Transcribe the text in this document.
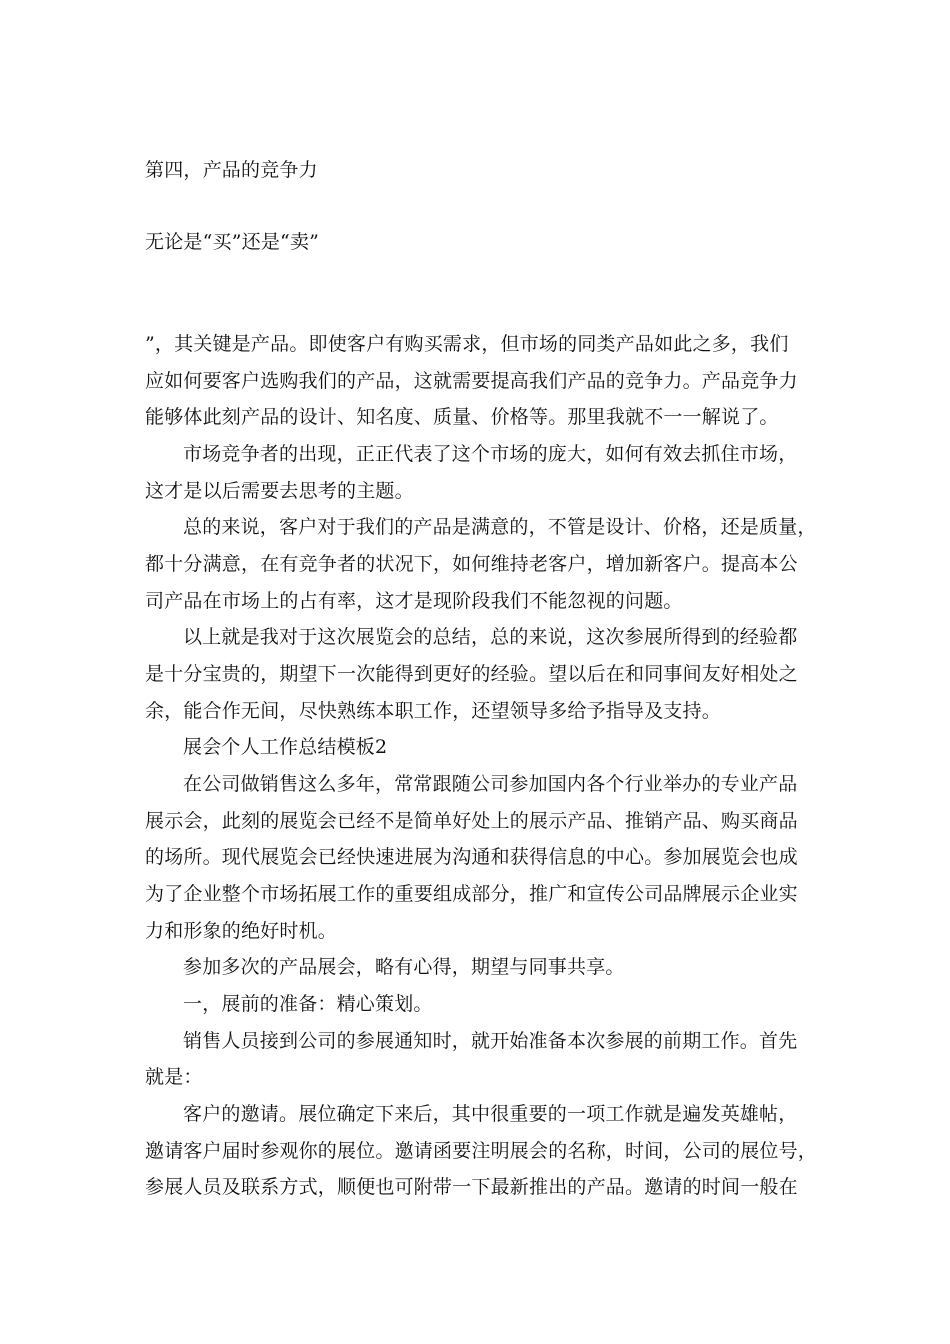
第四，产品的竞争力
无论是“买”还是“卖”
”，其关键是产品。即使客户有购买需求，但市场的同类产品如此之多，我们
应如何要客户选购我们的产品，这就需要提高我们产品的竞争力。产品竞争力
能够体此刻产品的设计、知名度、质量、价格等。那里我就不一一解说了。
市场竞争者的出现，正正代表了这个市场的庞大，如何有效去抓住市场，
这才是以后需要去思考的主题。
总的来说，客户对于我们的产品是满意的，不管是设计、价格，还是质量，
都十分满意，在有竞争者的状况下，如何维持老客户，增加新客户。提高本公
司产品在市场上的占有率，这才是现阶段我们不能忽视的问题。
以上就是我对于这次展览会的总结，总的来说，这次参展所得到的经验都
是十分宝贵的，期望下一次能得到更好的经验。望以后在和同事间友好相处之
余，能合作无间，尽快熟练本职工作，还望领导多给予指导及支持。
展会个人工作总结模板2
在公司做销售这么多年，常常跟随公司参加国内各个行业举办的专业产品
展示会，此刻的展览会已经不是简单好处上的展示产品、推销产品、购买商品
的场所。现代展览会已经快速进展为沟通和获得信息的中心。参加展览会也成
为了企业整个市场拓展工作的重要组成部分，推广和宣传公司品牌展示企业实
力和形象的绝好时机。
参加多次的产品展会，略有心得，期望与同事共享。
一，展前的准备：精心策划。
销售人员接到公司的参展通知时，就开始准备本次参展的前期工作。首先
就是：
客户的邀请。展位确定下来后，其中很重要的一项工作就是遍发英雄帖，
邀请客户届时参观你的展位。邀请函要注明展会的名称，时间，公司的展位号，
参展人员及联系方式，顺便也可附带一下最新推出的产品。邀请的时间一般在
